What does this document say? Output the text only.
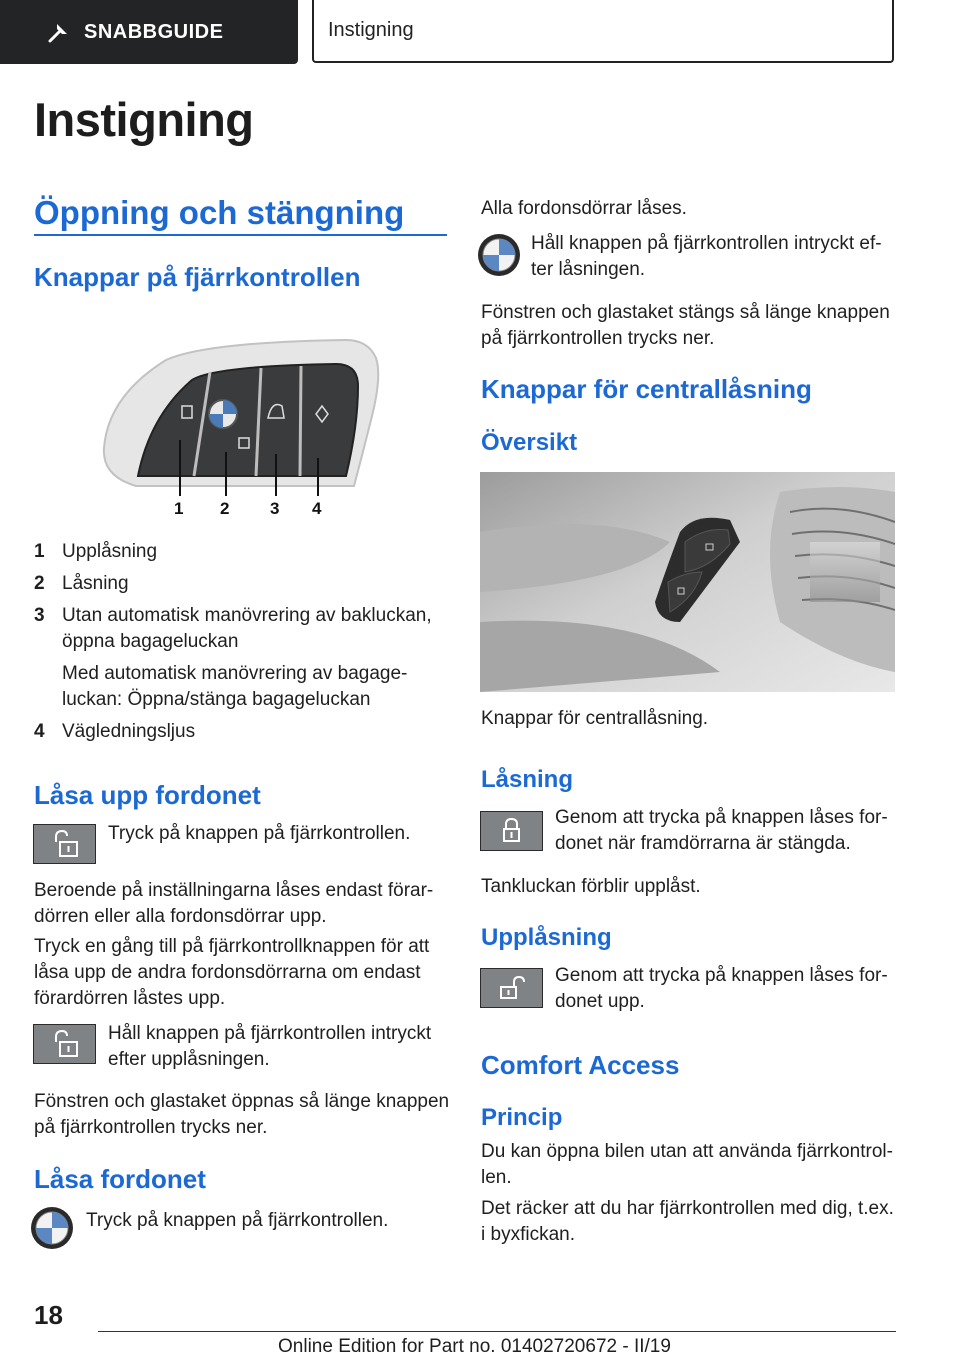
SNABBGUIDE	Instigning
Instigning
Öppning och stängning
Knappar på fjärrkontrollen
1 2 3 4
1 Upplåsning
2 Låsning
3 Utan automatisk manövrering av bakluckan,
öppna bagageluckan
Med automatisk manövrering av bagage-
luckan: Öppna/stänga bagageluckan
4 Vägledningsljus
Låsa upp fordonet

Tryck på knappen på fjärrkontrollen.

Beroende på inställningarna låses endast förar-

dörren eller alla fordonsdörrar upp.

Tryck en gång till på fjärrkontrollknappen för att

låsa upp de andra fordonsdörrarna om endast

förardörren låstes upp.

Håll knappen på fjärrkontrollen intryckt

efter upplåsningen.

Fönstren och glastaket öppnas så länge knappen

på fjärrkontrollen trycks ner.

Låsa fordonet

Tryck på knappen på fjärrkontrollen.

Alla fordonsdörrar låses.

Håll knappen på fjärrkontrollen intryckt ef-

ter låsningen.

Fönstren och glastaket stängs så länge knappen

på fjärrkontrollen trycks ner.

Knappar för centrallåsning
Översikt

Knappar för centrallåsning.

Låsning

Genom att trycka på knappen låses for-

donet när framdörrarna är stängda.

Tankluckan förblir upplåst.

Upplåsning

Genom att trycka på knappen låses for-

donet upp.

Comfort Access
Princip

Du kan öppna bilen utan att använda fjärrkontrol-

len.

Det räcker att du har fjärrkontrollen med dig, t.ex.

i byxfickan.

18
Online Edition for Part no. 01402720672 - II/19
